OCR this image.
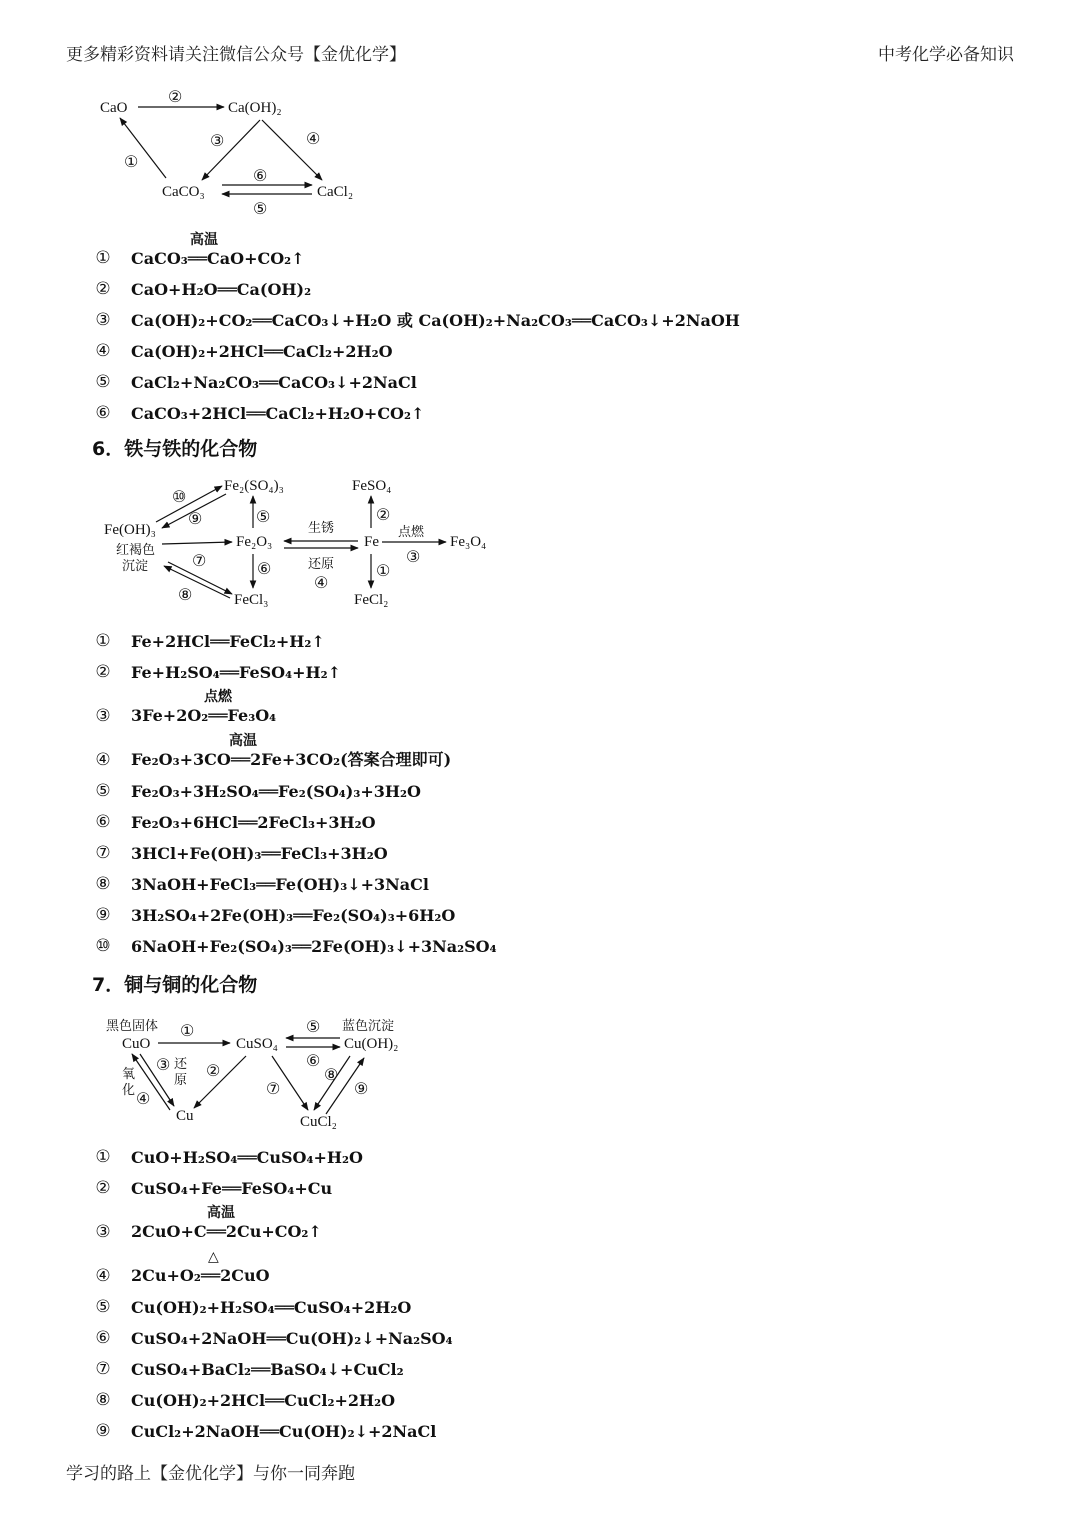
更多精彩资料请关注微信公众号【金优化学】	中考化学必备知识
CaO	Ca(OH)₂
CaCO₃	CaCl₂
②
①
③	④
⑥
⑤
① CaCO₃══CaO+CO₂↑
高温
② CaO+H₂O══Ca(OH)₂
③ Ca(OH)₂+CO₂══CaCO₃↓+H₂O 或 Ca(OH)₂+Na₂CO₃══CaCO₃↓+2NaOH
④ Ca(OH)₂+2HCl══CaCl₂+2H₂O
⑤ CaCl₂+Na₂CO₃══CaCO₃↓+2NaCl
⑥ CaCO₃+2HCl══CaCl₂+H₂O+CO₂↑
6．铁与铁的化合物
Fe₂(SO₄)₃	FeSO₄
Fe(OH)₃
红褐色
沉淀
Fe₂O₃	Fe	Fe₃O₄
FeCl₃	FeCl₂
⑩
⑨
⑦
⑧
⑤
⑥
生锈
还原
④
②
①
点燃
③
① Fe+2HCl══FeCl₂+H₂↑
② Fe+H₂SO₄══FeSO₄+H₂↑
③ 3Fe+2O₂══Fe₃O₄
点燃
④ Fe₂O₃+3CO══2Fe+3CO₂(答案合理即可)
高温
⑤ Fe₂O₃+3H₂SO₄══Fe₂(SO₄)₃+3H₂O
⑥ Fe₂O₃+6HCl══2FeCl₃+3H₂O
⑦ 3HCl+Fe(OH)₃══FeCl₃+3H₂O
⑧ 3NaOH+FeCl₃══Fe(OH)₃↓+3NaCl
⑨ 3H₂SO₄+2Fe(OH)₃══Fe₂(SO₄)₃+6H₂O
⑩ 6NaOH+Fe₂(SO₄)₃══2Fe(OH)₃↓+3Na₂SO₄
7．铜与铜的化合物
黑色固体
CuO	CuSO₄
蓝色沉淀
Cu(OH)₂
Cu	CuCl₂
①	⑤
⑥
③ 还
原
氧
化
④
②
⑦
⑧
⑨
① CuO+H₂SO₄══CuSO₄+H₂O
② CuSO₄+Fe══FeSO₄+Cu
③ 2CuO+C══2Cu+CO₂↑
高温
④ 2Cu+O₂══2CuO
△
⑤ Cu(OH)₂+H₂SO₄══CuSO₄+2H₂O
⑥ CuSO₄+2NaOH══Cu(OH)₂↓+Na₂SO₄
⑦ CuSO₄+BaCl₂══BaSO₄↓+CuCl₂
⑧ Cu(OH)₂+2HCl══CuCl₂+2H₂O
⑨ CuCl₂+2NaOH══Cu(OH)₂↓+2NaCl
学习的路上【金优化学】与你一同奔跑
